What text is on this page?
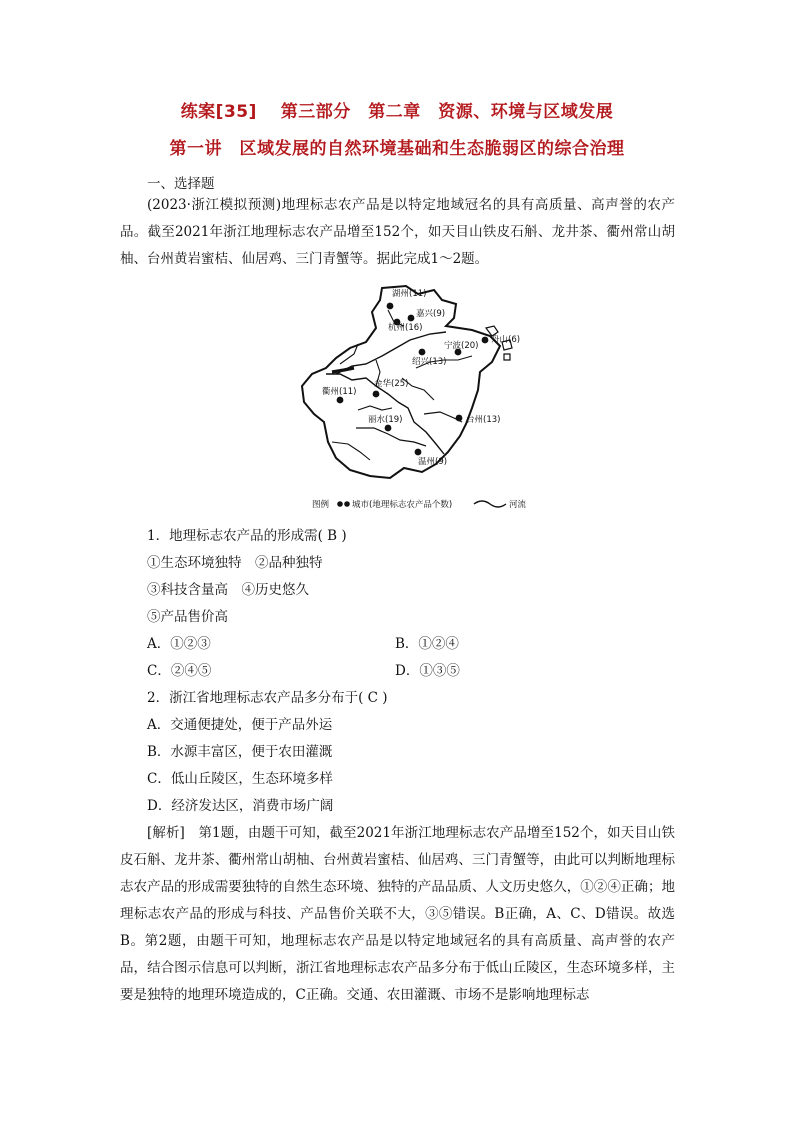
练案[35]　 第三部分　第二章　资源、环境与区域发展
第一讲　区域发展的自然环境基础和生态脆弱区的综合治理
一、选择题
(2023·浙江模拟预测)地理标志农产品是以特定地域冠名的具有高质量、高声誉的农产品。截至2021年浙江地理标志农产品增至152个，如天目山铁皮石斛、龙井茶、衢州常山胡柚、台州黄岩蜜桔、仙居鸡、三门青蟹等。据此完成1～2题。
湖州(11)
嘉兴(9)
杭州(16)
舟山(6)
宁波(20)
绍兴(13)
金华(25)
衢州(11)
丽水(19)	台州(13)
温州(9)
图例	城市(地理标志农产品个数)	河流
1．地理标志农产品的形成需( B )
①生态环境独特　②品种独特
③科技含量高　④历史悠久
⑤产品售价高
A．①②③	B．①②④
C．②④⑤	D．①③⑤
2．浙江省地理标志农产品多分布于( C )
A．交通便捷处，便于产品外运
B．水源丰富区，便于农田灌溉
C．低山丘陵区，生态环境多样
D．经济发达区，消费市场广阔
[解析]　第1题，由题干可知，截至2021年浙江地理标志农产品增至152个，如天目山铁皮石斛、龙井茶、衢州常山胡柚、台州黄岩蜜桔、仙居鸡、三门青蟹等，由此可以判断地理标志农产品的形成需要独特的自然生态环境、独特的产品品质、人文历史悠久，①②④正确；地理标志农产品的形成与科技、产品售价关联不大，③⑤错误。B正确，A、C、D错误。故选B。第2题，由题干可知，地理标志农产品是以特定地域冠名的具有高质量、高声誉的农产品，结合图示信息可以判断，浙江省地理标志农产品多分布于低山丘陵区，生态环境多样，主要是独特的地理环境造成的，C正确。交通、农田灌溉、市场不是影响地理标志
